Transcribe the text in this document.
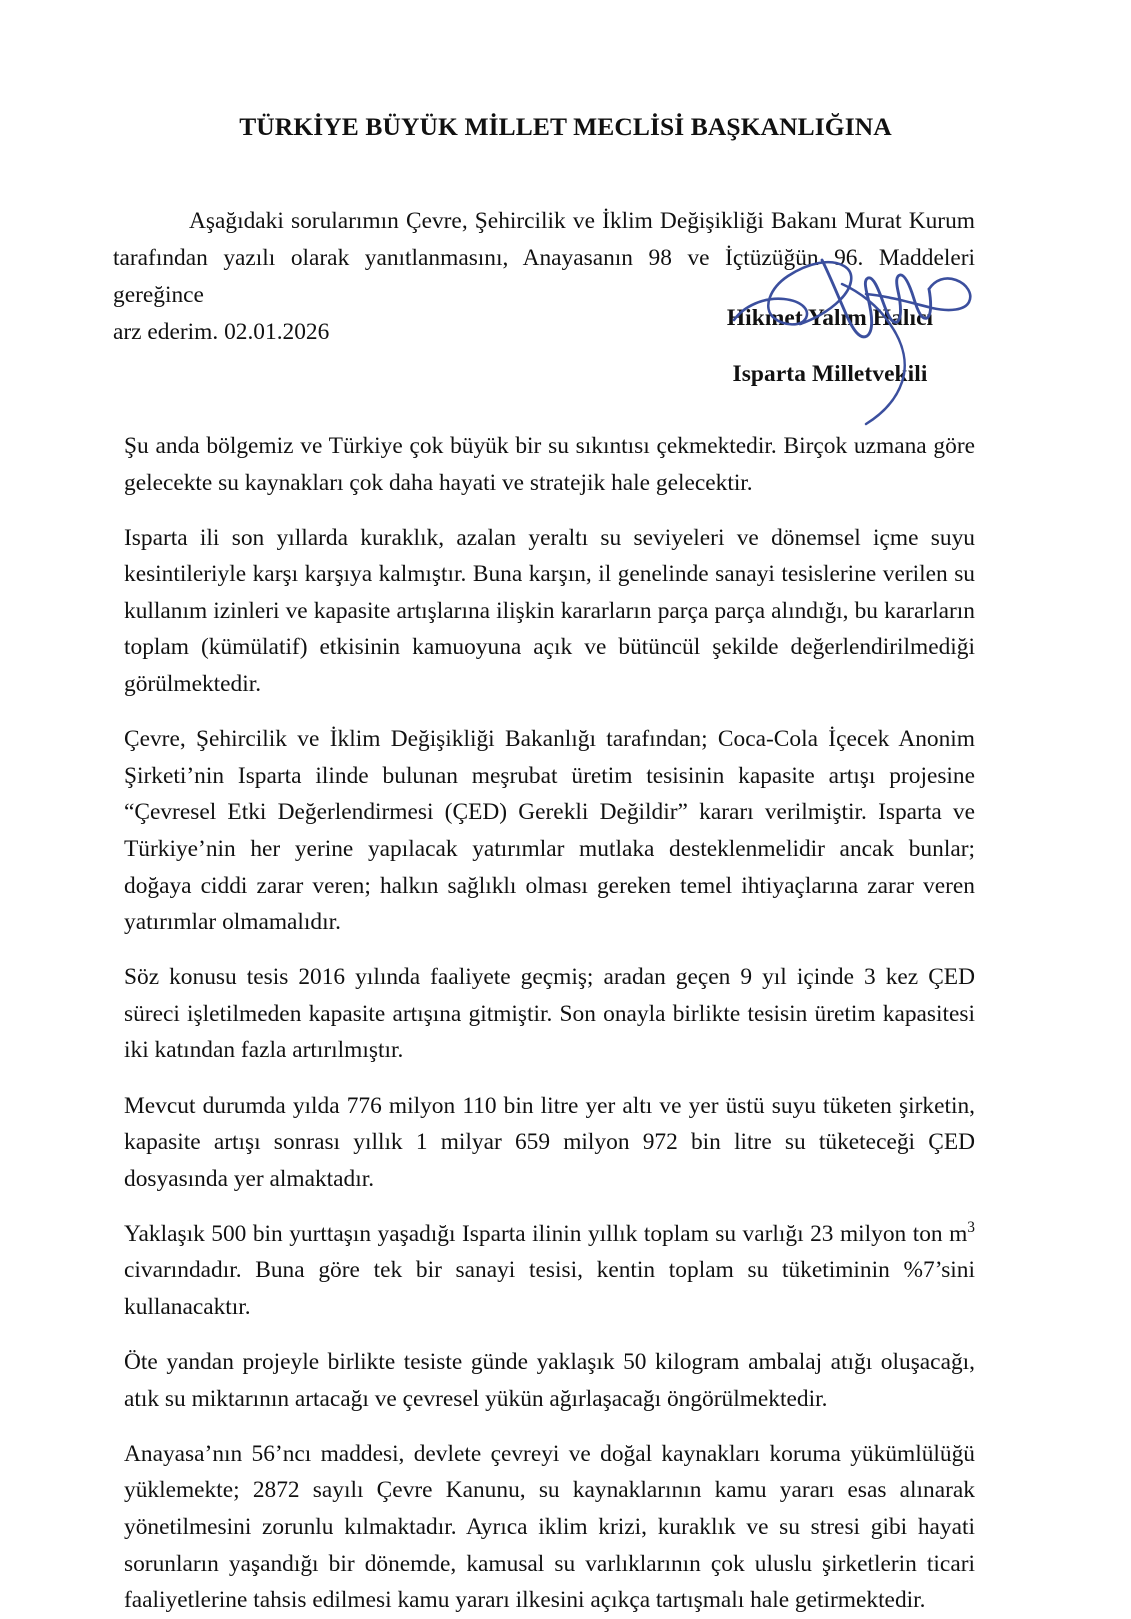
TÜRKİYE BÜYÜK MİLLET MECLİSİ BAŞKANLIĞINA
Aşağıdaki sorularımın Çevre, Şehircilik ve İklim Değişikliği Bakanı Murat Kurum tarafından yazılı olarak yanıtlanmasını, Anayasanın 98 ve İçtüzüğün 96. Maddeleri gereğince
arz ederim. 02.01.2026
Hikmet Yalım Halıcı
Isparta Milletvekili

Şu anda bölgemiz ve Türkiye çok büyük bir su sıkıntısı çekmektedir. Birçok uzmana göre gelecekte su kaynakları çok daha hayati ve stratejik hale gelecektir.

Isparta ili son yıllarda kuraklık, azalan yeraltı su seviyeleri ve dönemsel içme suyu kesintileriyle karşı karşıya kalmıştır. Buna karşın, il genelinde sanayi tesislerine verilen su kullanım izinleri ve kapasite artışlarına ilişkin kararların parça parça alındığı, bu kararların toplam (kümülatif) etkisinin kamuoyuna açık ve bütüncül şekilde değerlendirilmediği görülmektedir.

Çevre, Şehircilik ve İklim Değişikliği Bakanlığı tarafından; Coca-Cola İçecek Anonim Şirketi’nin Isparta ilinde bulunan meşrubat üretim tesisinin kapasite artışı projesine “Çevresel Etki Değerlendirmesi (ÇED) Gerekli Değildir” kararı verilmiştir. Isparta ve Türkiye’nin her yerine yapılacak yatırımlar mutlaka desteklenmelidir ancak bunlar; doğaya ciddi zarar veren; halkın sağlıklı olması gereken temel ihtiyaçlarına zarar veren yatırımlar olmamalıdır.

Söz konusu tesis 2016 yılında faaliyete geçmiş; aradan geçen 9 yıl içinde 3 kez ÇED süreci işletilmeden kapasite artışına gitmiştir. Son onayla birlikte tesisin üretim kapasitesi iki katından fazla artırılmıştır.

Mevcut durumda yılda 776 milyon 110 bin litre yer altı ve yer üstü suyu tüketen şirketin, kapasite artışı sonrası yıllık 1 milyar 659 milyon 972 bin litre su tüketeceği ÇED dosyasında yer almaktadır.

Yaklaşık 500 bin yurttaşın yaşadığı Isparta ilinin yıllık toplam su varlığı 23 milyon ton $m^3$ civarındadır. Buna göre tek bir sanayi tesisi, kentin toplam su tüketiminin %7’sini kullanacaktır.

Öte yandan projeyle birlikte tesiste günde yaklaşık 50 kilogram ambalaj atığı oluşacağı, atık su miktarının artacağı ve çevresel yükün ağırlaşacağı öngörülmektedir.

Anayasa’nın 56’ncı maddesi, devlete çevreyi ve doğal kaynakları koruma yükümlülüğü yüklemekte; 2872 sayılı Çevre Kanunu, su kaynaklarının kamu yararı esas alınarak yönetilmesini zorunlu kılmaktadır. Ayrıca iklim krizi, kuraklık ve su stresi gibi hayati sorunların yaşandığı bir dönemde, kamusal su varlıklarının çok uluslu şirketlerin ticari faaliyetlerine tahsis edilmesi kamu yararı ilkesini açıkça tartışmalı hale getirmektedir.
